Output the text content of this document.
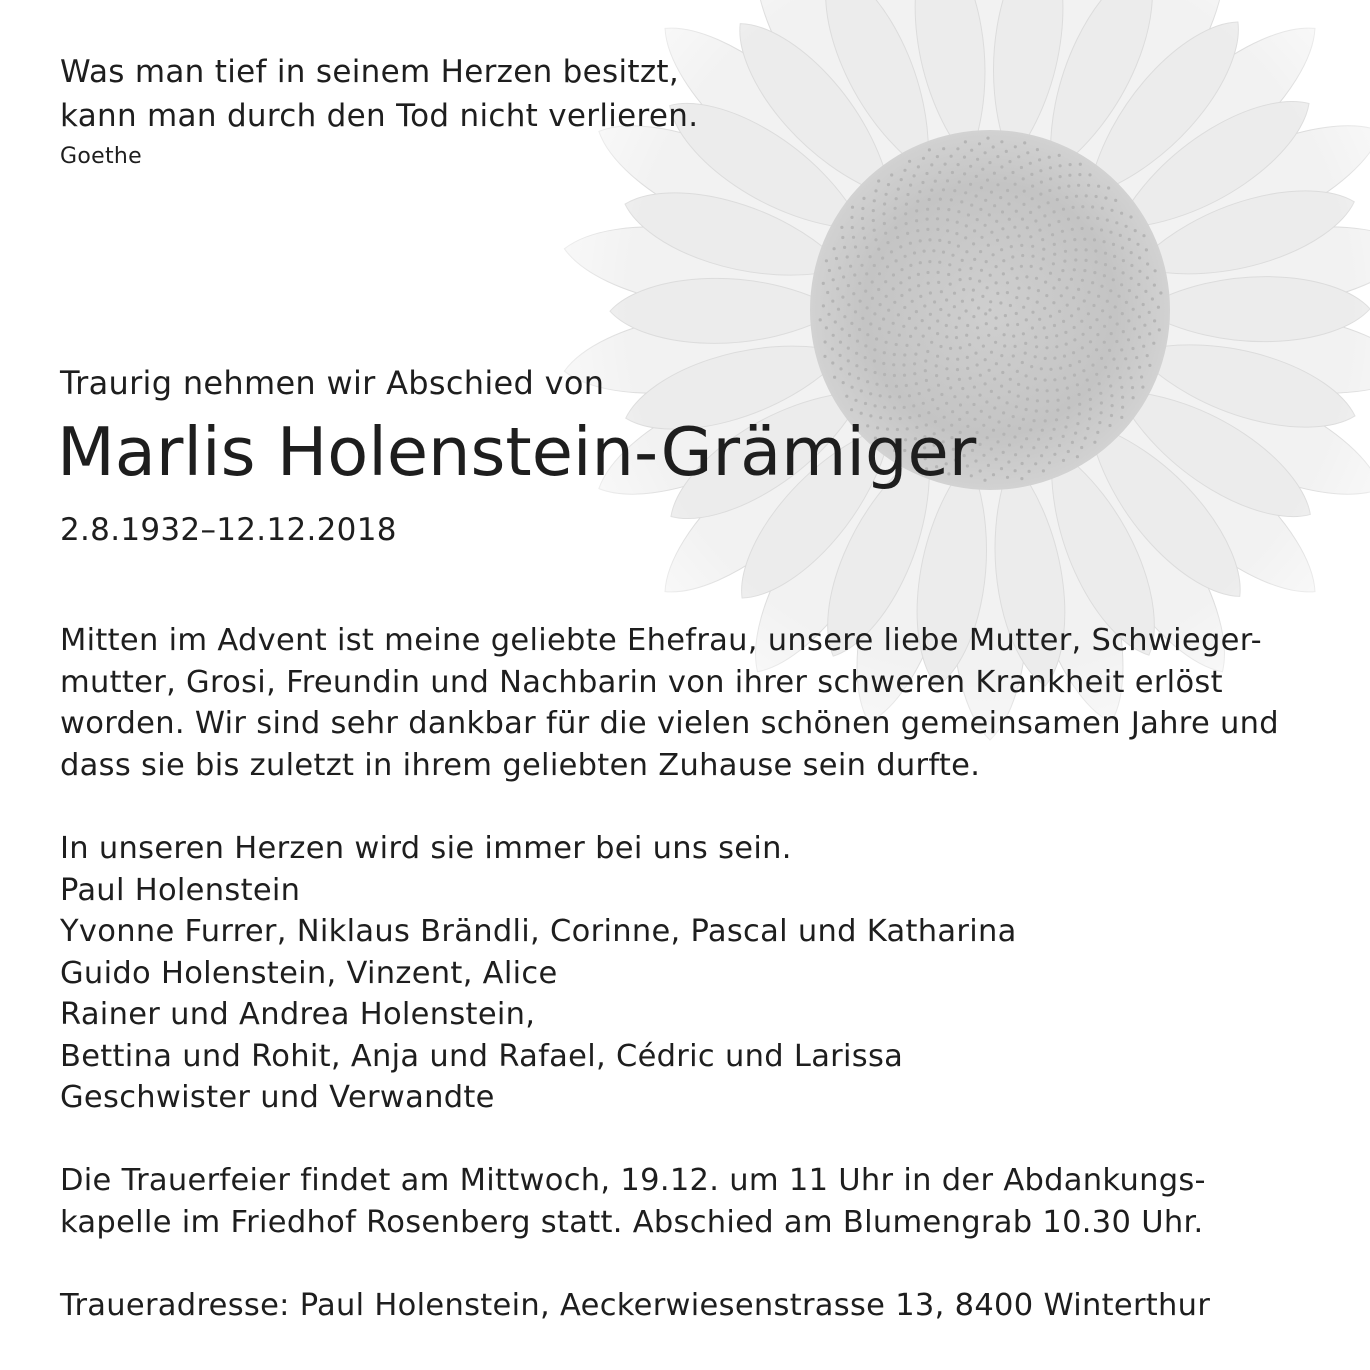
Was man tief in seinem Herzen besitzt,
kann man durch den Tod nicht verlieren.
Goethe
Traurig nehmen wir Abschied von
Marlis Holenstein-Grämiger
2.8.1932–12.12.2018
Mitten im Advent ist meine geliebte Ehefrau, unsere liebe Mutter, Schwieger-
mutter, Grosi, Freundin und Nachbarin von ihrer schweren Krankheit erlöst
worden. Wir sind sehr dankbar für die vielen schönen gemeinsamen Jahre und
dass sie bis zuletzt in ihrem geliebten Zuhause sein durfte.
In unseren Herzen wird sie immer bei uns sein.
Paul Holenstein
Yvonne Furrer, Niklaus Brändli, Corinne, Pascal und Katharina
Guido Holenstein, Vinzent, Alice
Rainer und Andrea Holenstein,
Bettina und Rohit, Anja und Rafael, Cédric und Larissa
Geschwister und Verwandte
Die Trauerfeier findet am Mittwoch, 19.12. um 11 Uhr in der Abdankungs-
kapelle im Friedhof Rosenberg statt. Abschied am Blumengrab 10.30 Uhr.
Traueradresse: Paul Holenstein, Aeckerwiesenstrasse 13, 8400 Winterthur
